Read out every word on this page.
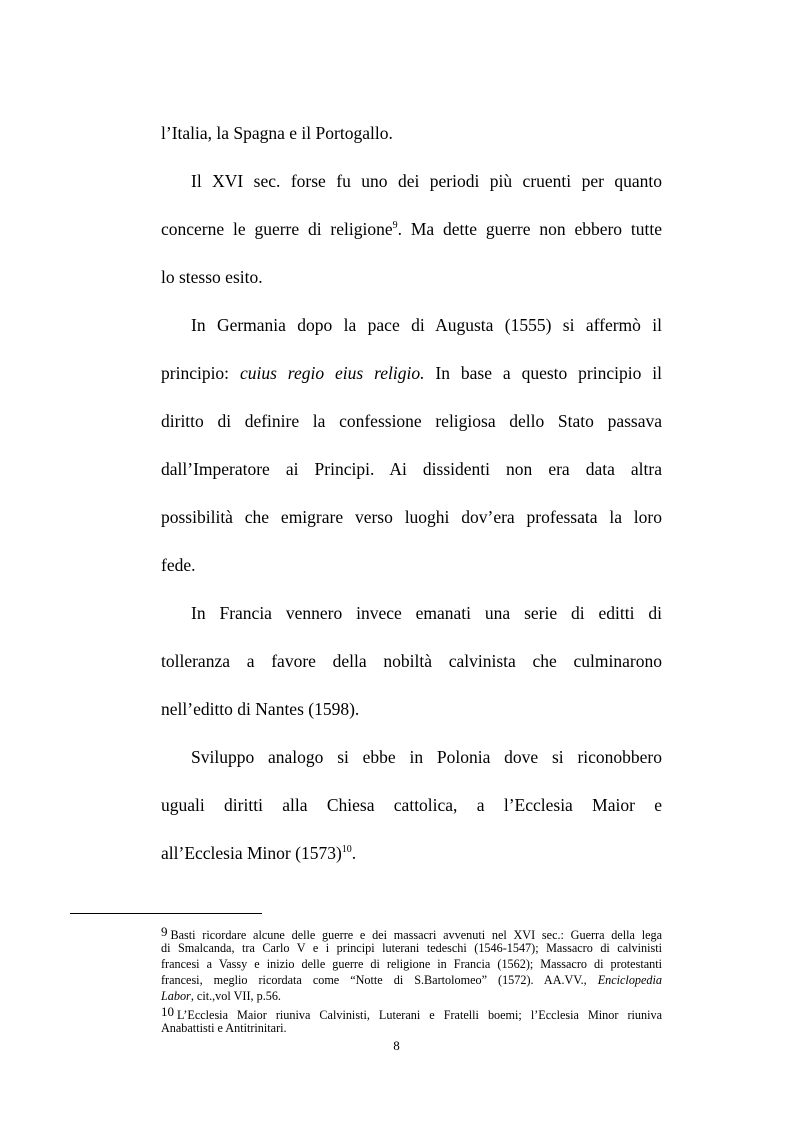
l’Italia, la Spagna e il Portogallo.
Il XVI sec. forse fu uno dei periodi più cruenti per quanto
concerne le guerre di religione$^9$. Ma dette guerre non ebbero tutte
lo stesso esito.
In Germania dopo la pace di Augusta (1555) si affermò il
principio: cuius regio eius religio. In base a questo principio il
diritto di definire la confessione religiosa dello Stato passava
dall’Imperatore ai Principi. Ai dissidenti non era data altra
possibilità che emigrare verso luoghi dov’era professata la loro
fede.
In Francia vennero invece emanati una serie di editti di
tolleranza a favore della nobiltà calvinista che culminarono
nell’editto di Nantes (1598).
Sviluppo analogo si ebbe in Polonia dove si riconobbero
uguali diritti alla Chiesa cattolica, a l’Ecclesia Maior e
all’Ecclesia Minor $(1573)^{10}$.
9 Basti ricordare alcune delle guerre e dei massacri avvenuti nel XVI sec.: Guerra della lega
di Smalcanda, tra Carlo V e i principi luterani tedeschi (1546-1547); Massacro di calvinisti
francesi a Vassy e inizio delle guerre di religione in Francia (1562); Massacro di protestanti
francesi, meglio ricordata come “Notte di S.Bartolomeo” (1572). AA.VV., Enciclopedia
Labor, cit.,vol VII, p.56.
10 L’Ecclesia Maior riuniva Calvinisti, Luterani e Fratelli boemi; l’Ecclesia Minor riuniva
Anabattisti e Antitrinitari.
8
